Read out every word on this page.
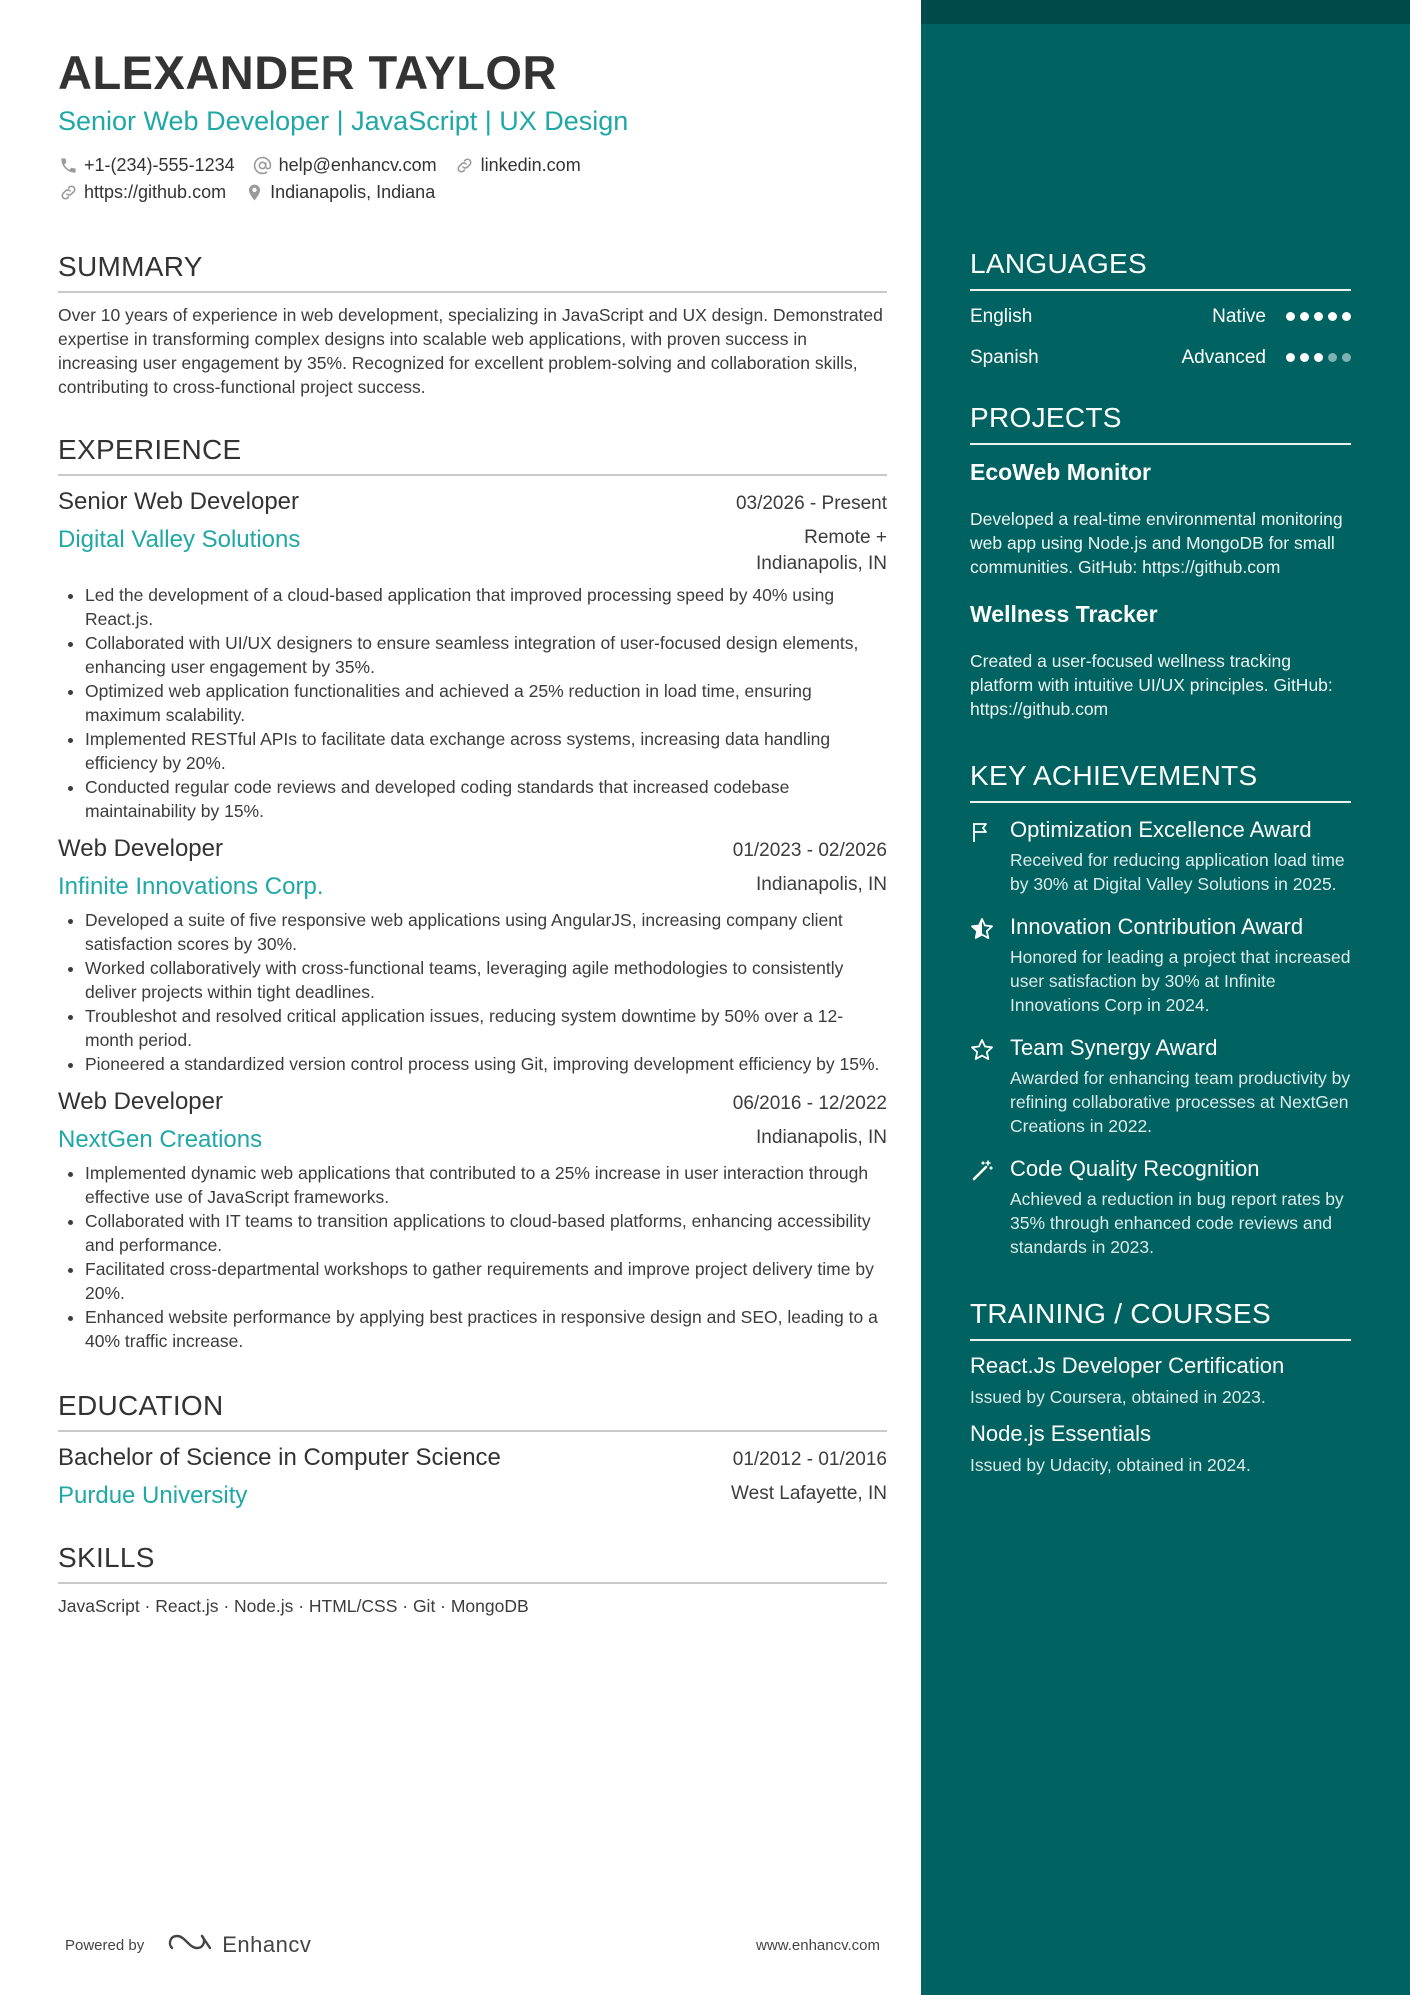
ALEXANDER TAYLOR
Senior Web Developer | JavaScript | UX Design
+1-(234)-555-1234 help@enhancv.com linkedin.com
https://github.com Indianapolis, Indiana
SUMMARY

Over 10 years of experience in web development, specializing in JavaScript and UX design. Demonstrated expertise in transforming complex designs into scalable web applications, with proven success in increasing user engagement by 35%. Recognized for excellent problem-solving and collaboration skills, contributing to cross-functional project success.

EXPERIENCE
Senior Web Developer	03/2026 - Present
Digital Valley Solutions	Remote +
Indianapolis, IN
• Led the development of a cloud-based application that improved processing speed by 40% using React.js.
• Collaborated with UI/UX designers to ensure seamless integration of user-focused design elements, enhancing user engagement by 35%.
• Optimized web application functionalities and achieved a 25% reduction in load time, ensuring maximum scalability.
• Implemented RESTful APIs to facilitate data exchange across systems, increasing data handling efficiency by 20%.
• Conducted regular code reviews and developed coding standards that increased codebase maintainability by 15%.
Web Developer	01/2023 - 02/2026
Infinite Innovations Corp.	Indianapolis, IN
• Developed a suite of five responsive web applications using AngularJS, increasing company client satisfaction scores by 30%.
• Worked collaboratively with cross-functional teams, leveraging agile methodologies to consistently deliver projects within tight deadlines.
• Troubleshot and resolved critical application issues, reducing system downtime by 50% over a 12-month period.
• Pioneered a standardized version control process using Git, improving development efficiency by 15%.
Web Developer	06/2016 - 12/2022
NextGen Creations	Indianapolis, IN
• Implemented dynamic web applications that contributed to a 25% increase in user interaction through effective use of JavaScript frameworks.
• Collaborated with IT teams to transition applications to cloud-based platforms, enhancing accessibility and performance.
• Facilitated cross-departmental workshops to gather requirements and improve project delivery time by 20%.
• Enhanced website performance by applying best practices in responsive design and SEO, leading to a 40% traffic increase.
EDUCATION
Bachelor of Science in Computer Science	01/2012 - 01/2016
Purdue University	West Lafayette, IN
SKILLS
JavaScript · React.js · Node.js · HTML/CSS · Git · MongoDB
Powered by	Enhancv	www.enhancv.com
LANGUAGES
English	Native
Spanish	Advanced
PROJECTS
EcoWeb Monitor
Developed a real-time environmental monitoring web app using Node.js and MongoDB for small communities. GitHub: https://github.com
Wellness Tracker
Created a user-focused wellness tracking platform with intuitive UI/UX principles. GitHub: https://github.com
KEY ACHIEVEMENTS
Optimization Excellence Award
Received for reducing application load time by 30% at Digital Valley Solutions in 2025.
Innovation Contribution Award
Honored for leading a project that increased user satisfaction by 30% at Infinite Innovations Corp in 2024.
Team Synergy Award
Awarded for enhancing team productivity by refining collaborative processes at NextGen Creations in 2022.
Code Quality Recognition
Achieved a reduction in bug report rates by 35% through enhanced code reviews and standards in 2023.
TRAINING / COURSES
React.Js Developer Certification
Issued by Coursera, obtained in 2023.
Node.js Essentials
Issued by Udacity, obtained in 2024.
